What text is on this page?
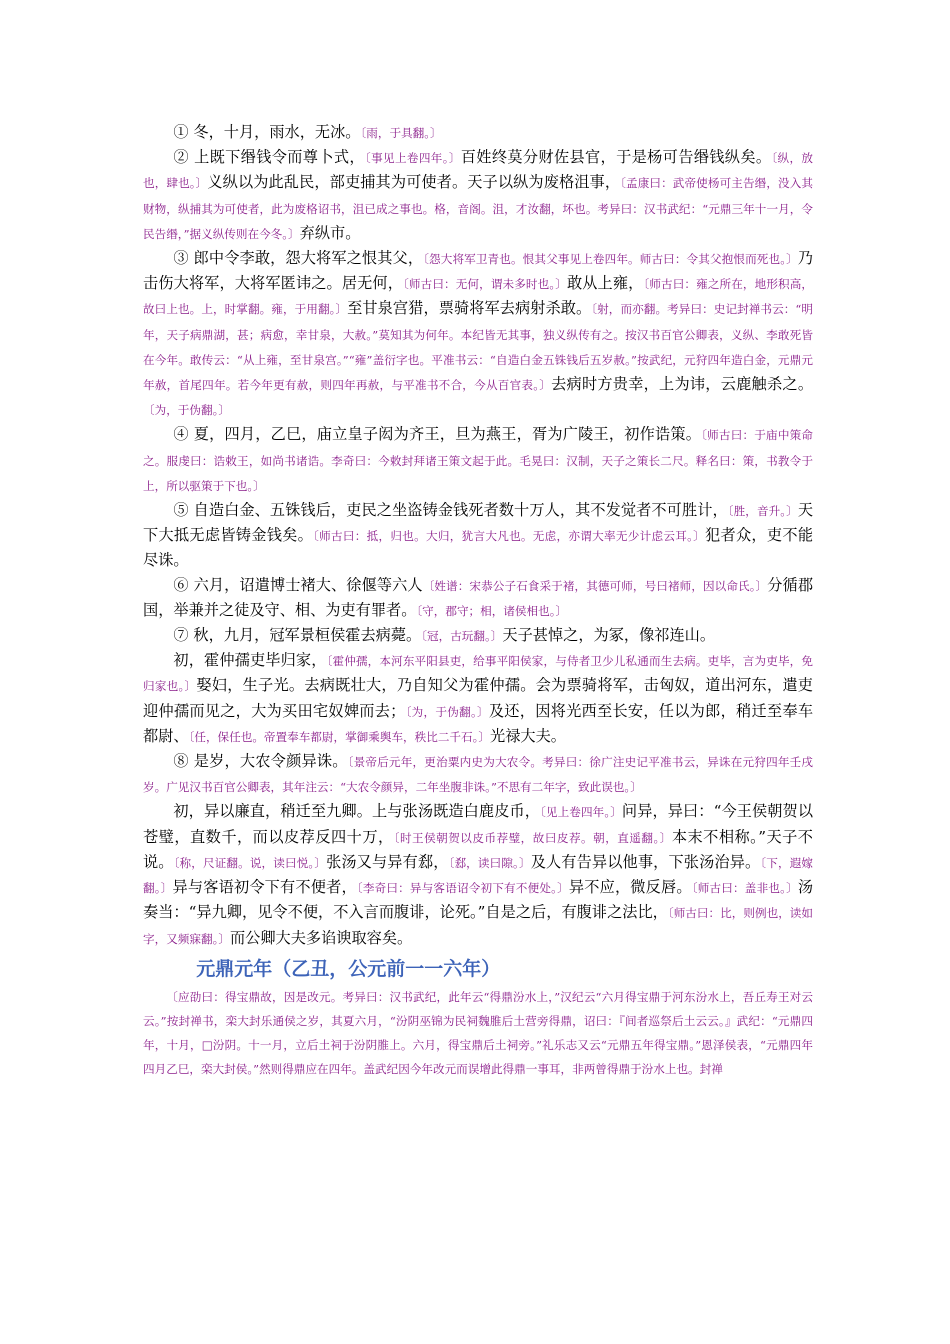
① 冬，十月，雨水，无冰。〔雨，于具翻。〕

② 上既下缗钱令而尊卜式，〔事见上卷四年。〕百姓终莫分财佐县官，于是杨可告缗钱纵矣。〔纵，放也，肆也。〕义纵以为此乱民，部吏捕其为可使者。天子以纵为废格沮事，〔孟康曰：武帝使杨可主告缗，没入其财物，纵捕其为可使者，此为废格诏书，沮已成之事也。格，音阁。沮，才汝翻，坏也。考异曰：汉书武纪：“元鼎三年十一月，令民告缗，”据义纵传则在今冬。〕弃纵市。

③ 郎中令李敢，怨大将军之恨其父，〔怨大将军卫青也。恨其父事见上卷四年。师古曰：令其父抱恨而死也。〕乃击伤大将军，大将军匿讳之。居无何，〔师古曰：无何，谓未多时也。〕敢从上雍，〔师古曰：雍之所在，地形积高，故曰上也。上，时掌翻。雍，于用翻。〕至甘泉宫猎，票骑将军去病射杀敢。〔射，而亦翻。考异曰：史记封禅书云：“明年，天子病鼎湖，甚；病愈，幸甘泉，大赦。”莫知其为何年。本纪皆无其事，独义纵传有之。按汉书百官公卿表，义纵、李敢死皆在今年。敢传云：“从上雍，至甘泉宫。”“雍”盖衍字也。平准书云：“自造白金五铢钱后五岁赦。”按武纪，元狩四年造白金，元鼎元年赦，首尾四年。若今年更有赦，则四年再赦，与平准书不合，今从百官表。〕去病时方贵幸，上为讳，云鹿触杀之。〔为，于伪翻。〕

④ 夏，四月，乙巳，庙立皇子闳为齐王，旦为燕王，胥为广陵王，初作诰策。〔师古曰：于庙中策命之。服虔曰：诰敕王，如尚书诸诰。李奇曰：今敕封拜诸王策文起于此。毛晃曰：汉制，天子之策长二尺。释名曰：策，书教令于上，所以驱策于下也。〕

⑤ 自造白金、五铢钱后，吏民之坐盗铸金钱死者数十万人，其不发觉者不可胜计，〔胜，音升。〕天下大抵无虑皆铸金钱矣。〔师古曰：抵，归也。大归，犹言大凡也。无虑，亦谓大率无少计虑云耳。〕犯者众，吏不能尽诛。

⑥ 六月，诏遣博士褚大、徐偃等六人〔姓谱：宋恭公子石食采于褚，其德可师，号曰褚师，因以命氏。〕分循郡国，举兼并之徒及守、相、为吏有罪者。〔守，郡守；相，诸侯相也。〕

⑦ 秋，九月，冠军景桓侯霍去病薨。〔冠，古玩翻。〕天子甚悼之，为冢，像祁连山。

初，霍仲孺吏毕归家，〔霍仲孺，本河东平阳县吏，给事平阳侯家，与侍者卫少儿私通而生去病。吏毕，言为吏毕，免归家也。〕娶妇，生子光。去病既壮大，乃自知父为霍仲孺。会为票骑将军，击匈奴，道出河东，遣吏迎仲孺而见之，大为买田宅奴婢而去；〔为，于伪翻。〕及还，因将光西至长安，任以为郎，稍迁至奉车都尉、〔任，保任也。帝置奉车都尉，掌御乘舆车，秩比二千石。〕光禄大夫。

⑧ 是岁，大农令颜异诛。〔景帝后元年，更治粟内史为大农令。考异曰：徐广注史记平准书云，异诛在元狩四年壬戌岁。广见汉书百官公卿表，其年注云：“大农令颜异，二年坐腹非诛。”不思有二年字，致此误也。〕

初，异以廉直，稍迁至九卿。上与张汤既造白鹿皮币，〔见上卷四年。〕问异，异曰：“今王侯朝贺以苍璧，直数千，而以皮荐反四十万，〔时王侯朝贺以皮币荐璧，故曰皮荐。朝，直遥翻。〕本末不相称。”天子不说。〔称，尺证翻。说，读曰悦。〕张汤又与异有郄，〔郄，读曰隙。〕及人有告异以他事，下张汤治异。〔下，遐嫁翻。〕异与客语初令下有不便者，〔李奇曰：异与客语诏令初下有不便处。〕异不应，微反唇。〔师古曰：盖非也。〕汤奏当：“异九卿，见令不便，不入言而腹诽，论死。”自是之后，有腹诽之法比，〔师古曰：比，则例也，读如字，又频寐翻。〕而公卿大夫多谄谀取容矣。

元鼎元年（乙丑，公元前一一六年）

〔应劭曰：得宝鼎故，因是改元。考异曰：汉书武纪，此年云“得鼎汾水上，”汉纪云“六月得宝鼎于河东汾水上，吾丘寿王对云云。”按封禅书，栾大封乐通侯之岁，其夏六月，“汾阴巫锦为民祠魏脽后土营旁得鼎，诏曰：『间者巡祭后土云云。』武纪：“元鼎四年，十月，□汾阴。十一月，立后土祠于汾阴脽上。六月，得宝鼎后土祠旁。”礼乐志又云“元鼎五年得宝鼎。”恩泽侯表，“元鼎四年四月乙巳，栾大封侯。”然则得鼎应在四年。盖武纪因今年改元而误增此得鼎一事耳，非两曾得鼎于汾水上也。封禅
